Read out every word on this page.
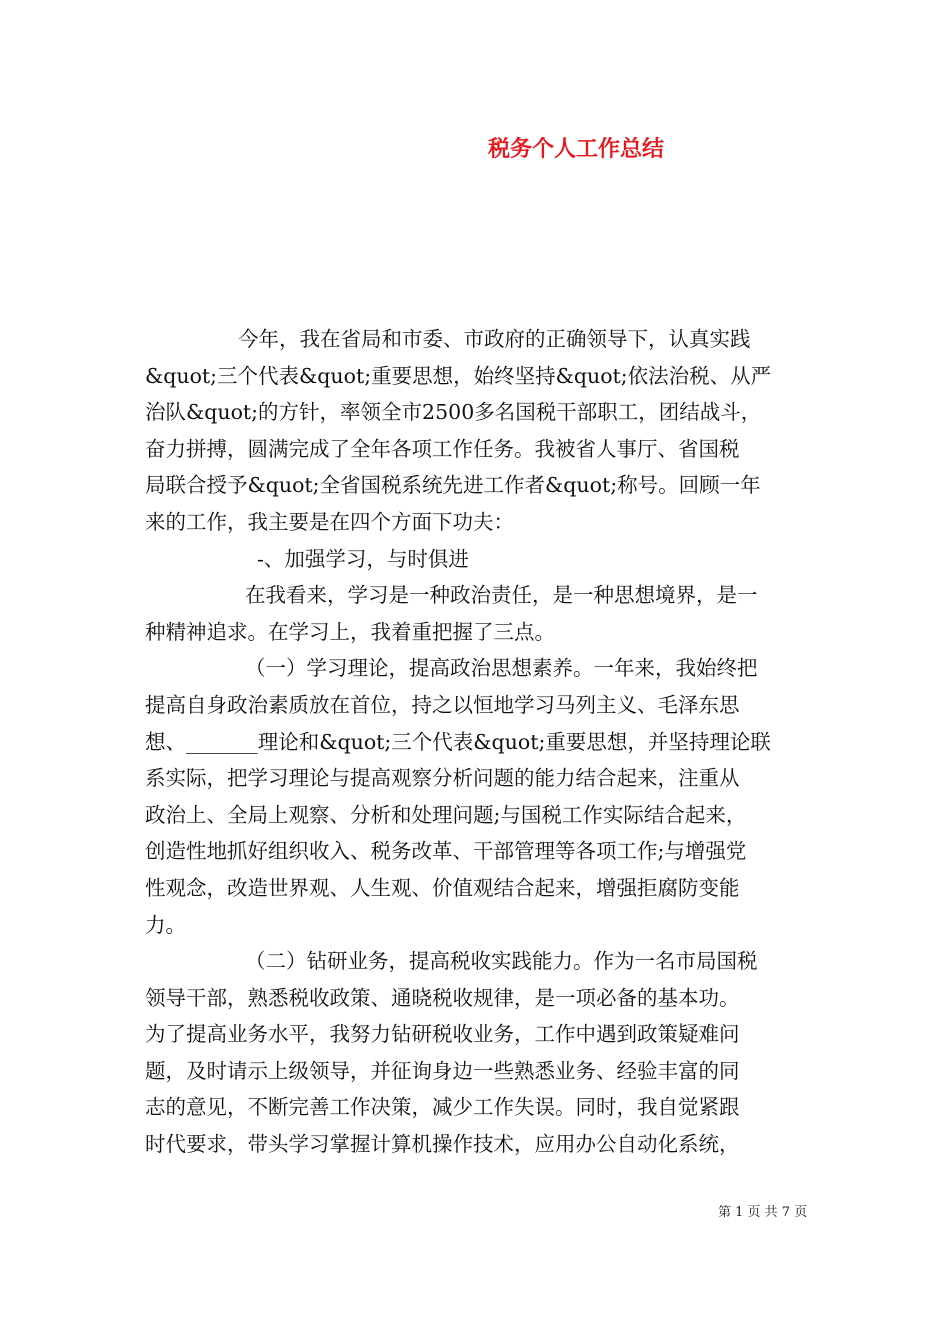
税务个人工作总结
今年，我在省局和市委、市政府的正确领导下，认真实践
&quot;三个代表&quot;重要思想，始终坚持&quot;依法治税、从严
治队&quot;的方针，率领全市2500多名国税干部职工，团结战斗，
奋力拼搏，圆满完成了全年各项工作任务。我被省人事厅、省国税
局联合授予&quot;全省国税系统先进工作者&quot;称号。回顾一年
来的工作，我主要是在四个方面下功夫：
-、加强学习，与时俱进
在我看来，学习是一种政治责任，是一种思想境界，是一
种精神追求。在学习上，我着重把握了三点。
（一）学习理论，提高政治思想素养。一年来，我始终把
提高自身政治素质放在首位，持之以恒地学习马列主义、毛泽东思
想、_______理论和&quot;三个代表&quot;重要思想，并坚持理论联
系实际，把学习理论与提高观察分析问题的能力结合起来，注重从
政治上、全局上观察、分析和处理问题;与国税工作实际结合起来，
创造性地抓好组织收入、税务改革、干部管理等各项工作;与增强党
性观念，改造世界观、人生观、价值观结合起来，增强拒腐防变能
力。
（二）钻研业务，提高税收实践能力。作为一名市局国税
领导干部，熟悉税收政策、通晓税收规律，是一项必备的基本功。
为了提高业务水平，我努力钻研税收业务，工作中遇到政策疑难问
题，及时请示上级领导，并征询身边一些熟悉业务、经验丰富的同
志的意见，不断完善工作决策，减少工作失误。同时，我自觉紧跟
时代要求，带头学习掌握计算机操作技术，应用办公自动化系统，
第 1 页 共 7 页
